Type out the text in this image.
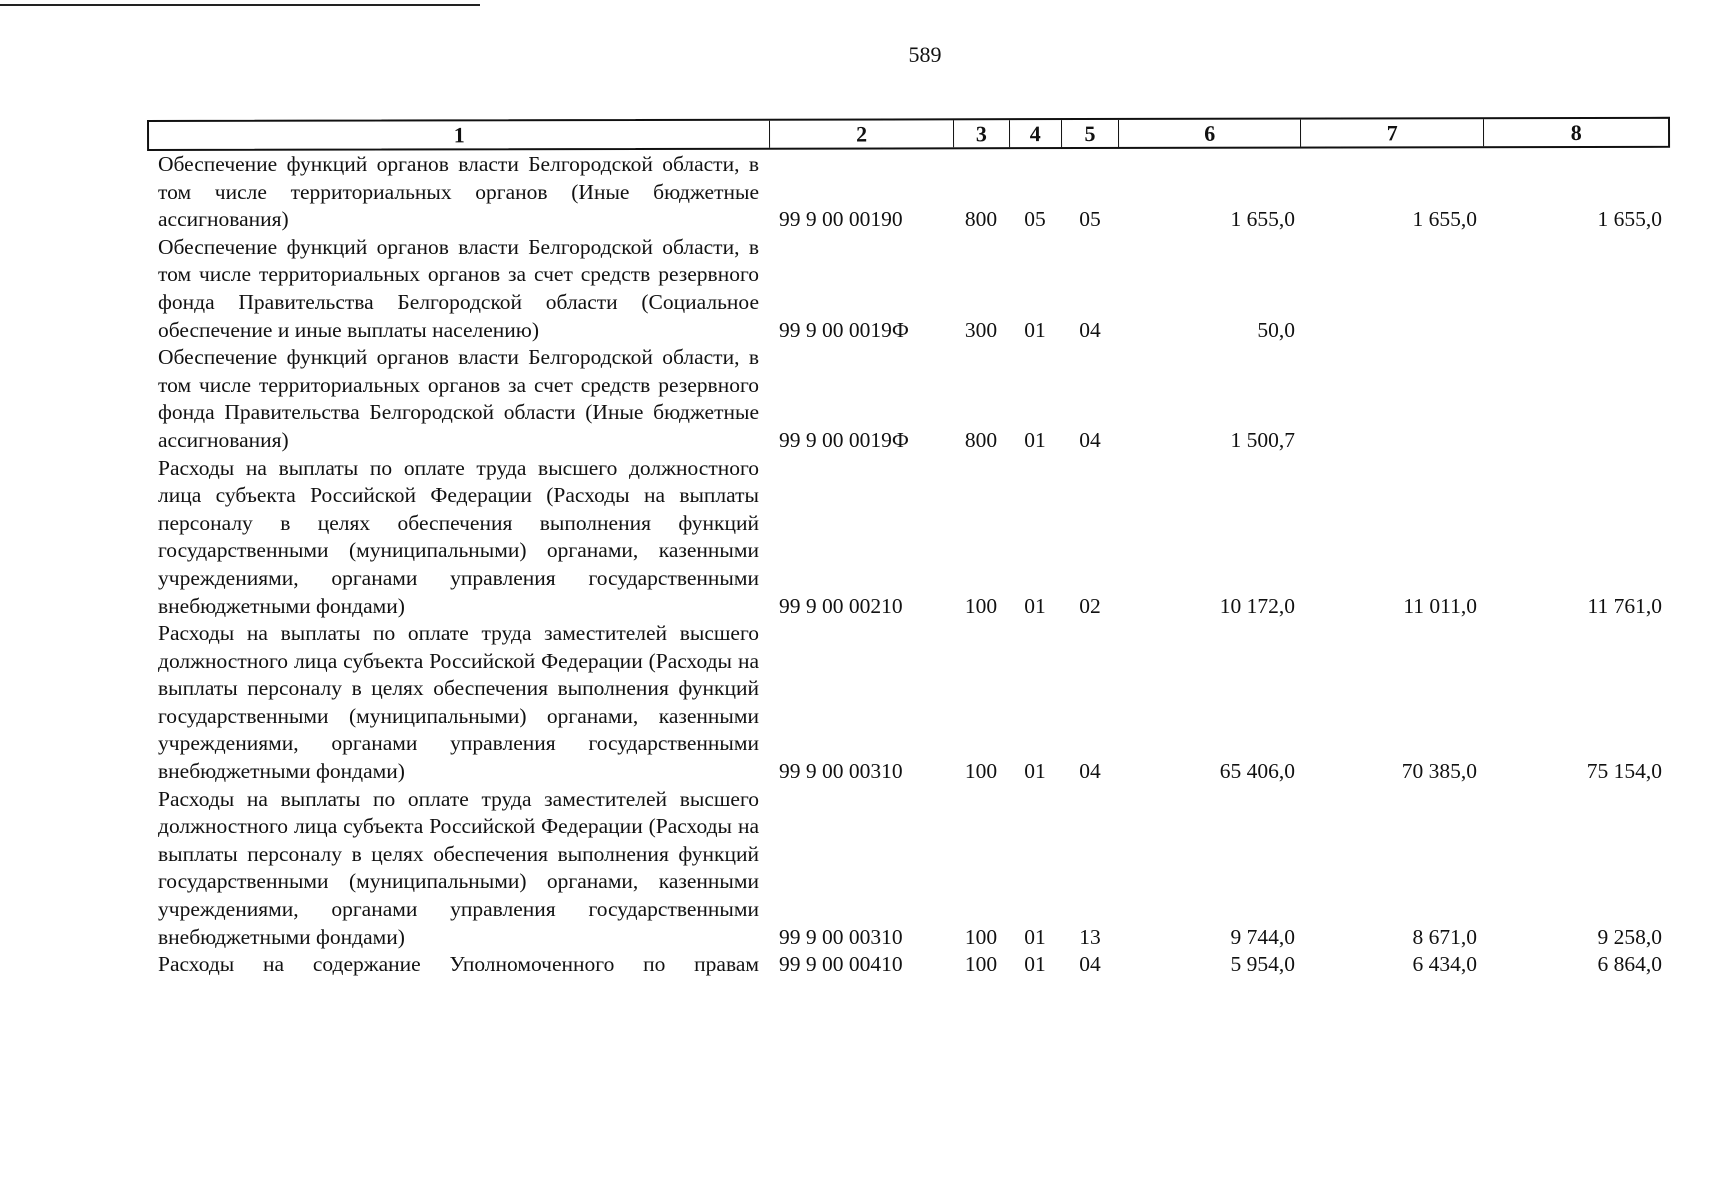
589
1	2	3	4	5	6	7	8
Обеспечение функций органов власти Белгородской области, в том числе территориальных органов (Иные бюджетные ассигнования)	99 9 00 00190	800	05	05	1 655,0	1 655,0	1 655,0
Обеспечение функций органов власти Белгородской области, в том числе территориальных органов за счет средств резервного фонда Правительства Белгородской области (Социальное обеспечение и иные выплаты населению)	99 9 00 0019Ф	300	01	04	50,0
Обеспечение функций органов власти Белгородской области, в том числе территориальных органов за счет средств резервного фонда Правительства Белгородской области (Иные бюджетные ассигнования)	99 9 00 0019Ф	800	01	04	1 500,7
Расходы на выплаты по оплате труда высшего должностного лица субъекта Российской Федерации (Расходы на выплаты персоналу в целях обеспечения выполнения функций государственными (муниципальными) органами, казенными учреждениями, органами управления государственными внебюджетными фондами)	99 9 00 00210	100	01	02	10 172,0	11 011,0	11 761,0
Расходы на выплаты по оплате труда заместителей высшего должностного лица субъекта Российской Федерации (Расходы на выплаты персоналу в целях обеспечения выполнения функций государственными (муниципальными) органами, казенными учреждениями, органами управления государственными внебюджетными фондами)	99 9 00 00310	100	01	04	65 406,0	70 385,0	75 154,0
Расходы на выплаты по оплате труда заместителей высшего должностного лица субъекта Российской Федерации (Расходы на выплаты персоналу в целях обеспечения выполнения функций государственными (муниципальными) органами, казенными учреждениями, органами управления государственными внебюджетными фондами)	99 9 00 00310	100	01	13	9 744,0	8 671,0	9 258,0
Расходы на содержание Уполномоченного по правам 99 9 00 00410	100	01	04	5 954,0	6 434,0	6 864,0
